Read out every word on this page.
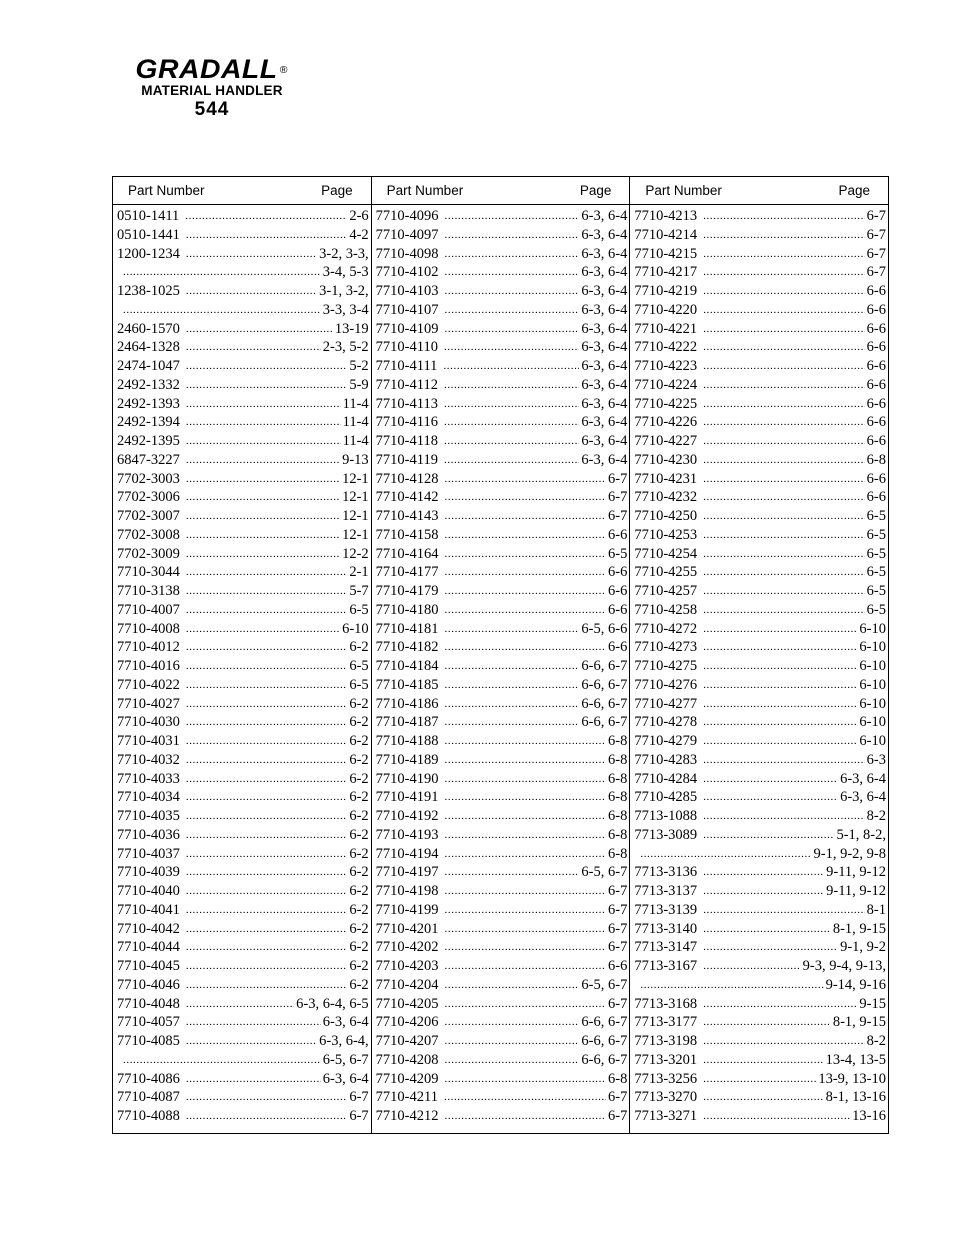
GRADALL ®
MATERIAL HANDLER
544
Part Number	Page
0510-1411 .....	2-6
0510-1441 .....	4-2
1200-1234 .....	3-2, 3-3,
.....
3-4, 5-3
1238-1025 .....	3-1, 3-2,
.....
3-3, 3-4
2460-1570 .....	13-19
2464-1328 .....	2-3, 5-2
2474-1047 .....	5-2
2492-1332 .....	5-9
2492-1393 .....	11-4
2492-1394 .....	11-4
2492-1395 .....	11-4
6847-3227 .....	9-13
7702-3003 .....	12-1
7702-3006 .....	12-1
7702-3007 .....	12-1
7702-3008 .....	12-1
7702-3009 .....	12-2
7710-3044 .....	2-1
7710-3138 .....	5-7
7710-4007 .....	6-5
7710-4008 .....	6-10
7710-4012 .....	6-2
7710-4016 .....	6-5
7710-4022 .....	6-5
7710-4027 .....	6-2
7710-4030 .....	6-2
7710-4031 .....	6-2
7710-4032 .....	6-2
7710-4033 .....	6-2
7710-4034 .....	6-2
7710-4035 .....	6-2
7710-4036 .....	6-2
7710-4037 .....	6-2
7710-4039 .....	6-2
7710-4040 .....	6-2
7710-4041 .....	6-2
7710-4042 .....	6-2
7710-4044 .....	6-2
7710-4045 .....	6-2
7710-4046 .....	6-2
7710-4048 .....	6-3, 6-4, 6-5
7710-4057 .....	6-3, 6-4
7710-4085 .....	6-3, 6-4,
.....
6-5, 6-7
7710-4086 .....	6-3, 6-4
7710-4087 .....	6-7
7710-4088 .....	6-7
Part Number	Page
7710-4096 .....	6-3, 6-4
7710-4097 .....	6-3, 6-4
7710-4098 .....	6-3, 6-4
7710-4102 .....	6-3, 6-4
7710-4103 .....	6-3, 6-4
7710-4107 .....	6-3, 6-4
7710-4109 .....	6-3, 6-4
7710-4110 .....	6-3, 6-4
7710-4111 .....	6-3, 6-4
7710-4112 .....	6-3, 6-4
7710-4113 .....	6-3, 6-4
7710-4116 .....	6-3, 6-4
7710-4118 .....	6-3, 6-4
7710-4119 .....	6-3, 6-4
7710-4128 .....	6-7
7710-4142 .....	6-7
7710-4143 .....	6-7
7710-4158 .....	6-6
7710-4164 .....	6-5
7710-4177 .....	6-6
7710-4179 .....	6-6
7710-4180 .....	6-6
7710-4181 .....	6-5, 6-6
7710-4182 .....	6-6
7710-4184 .....	6-6, 6-7
7710-4185 .....	6-6, 6-7
7710-4186 .....	6-6, 6-7
7710-4187 .....	6-6, 6-7
7710-4188 .....	6-8
7710-4189 .....	6-8
7710-4190 .....	6-8
7710-4191 .....	6-8
7710-4192 .....	6-8
7710-4193 .....	6-8
7710-4194 .....	6-8
7710-4197 .....	6-5, 6-7
7710-4198 .....	6-7
7710-4199 .....	6-7
7710-4201 .....	6-7
7710-4202 .....	6-7
7710-4203 .....	6-6
7710-4204 .....	6-5, 6-7
7710-4205 .....	6-7
7710-4206 .....	6-6, 6-7
7710-4207 .....	6-6, 6-7
7710-4208 .....	6-6, 6-7
7710-4209 .....	6-8
7710-4211 .....	6-7
7710-4212 .....	6-7
Part Number	Page
7710-4213 .....	6-7
7710-4214 .....	6-7
7710-4215 .....	6-7
7710-4217 .....	6-7
7710-4219 .....	6-6
7710-4220 .....	6-6
7710-4221 .....	6-6
7710-4222 .....	6-6
7710-4223 .....	6-6
7710-4224 .....	6-6
7710-4225 .....	6-6
7710-4226 .....	6-6
7710-4227 .....	6-6
7710-4230 .....	6-8
7710-4231 .....	6-6
7710-4232 .....	6-6
7710-4250 .....	6-5
7710-4253 .....	6-5
7710-4254 .....	6-5
7710-4255 .....	6-5
7710-4257 .....	6-5
7710-4258 .....	6-5
7710-4272 .....	6-10
7710-4273 .....	6-10
7710-4275 .....	6-10
7710-4276 .....	6-10
7710-4277 .....	6-10
7710-4278 .....	6-10
7710-4279 .....	6-10
7710-4283 .....	6-3
7710-4284 .....	6-3, 6-4
7710-4285 .....	6-3, 6-4
7713-1088 .....	8-2
7713-3089 .....	5-1, 8-2,
.....
9-1, 9-2, 9-8
7713-3136 .....	9-11, 9-12
7713-3137 .....	9-11, 9-12
7713-3139 .....	8-1
7713-3140 .....	8-1, 9-15
7713-3147 .....	9-1, 9-2
7713-3167 .....	9-3, 9-4, 9-13,
.....
9-14, 9-16
7713-3168 .....	9-15
7713-3177 .....	8-1, 9-15
7713-3198 .....	8-2
7713-3201 .....	13-4, 13-5
7713-3256 .....	13-9, 13-10
7713-3270 .....	8-1, 13-16
7713-3271 .....	13-16
